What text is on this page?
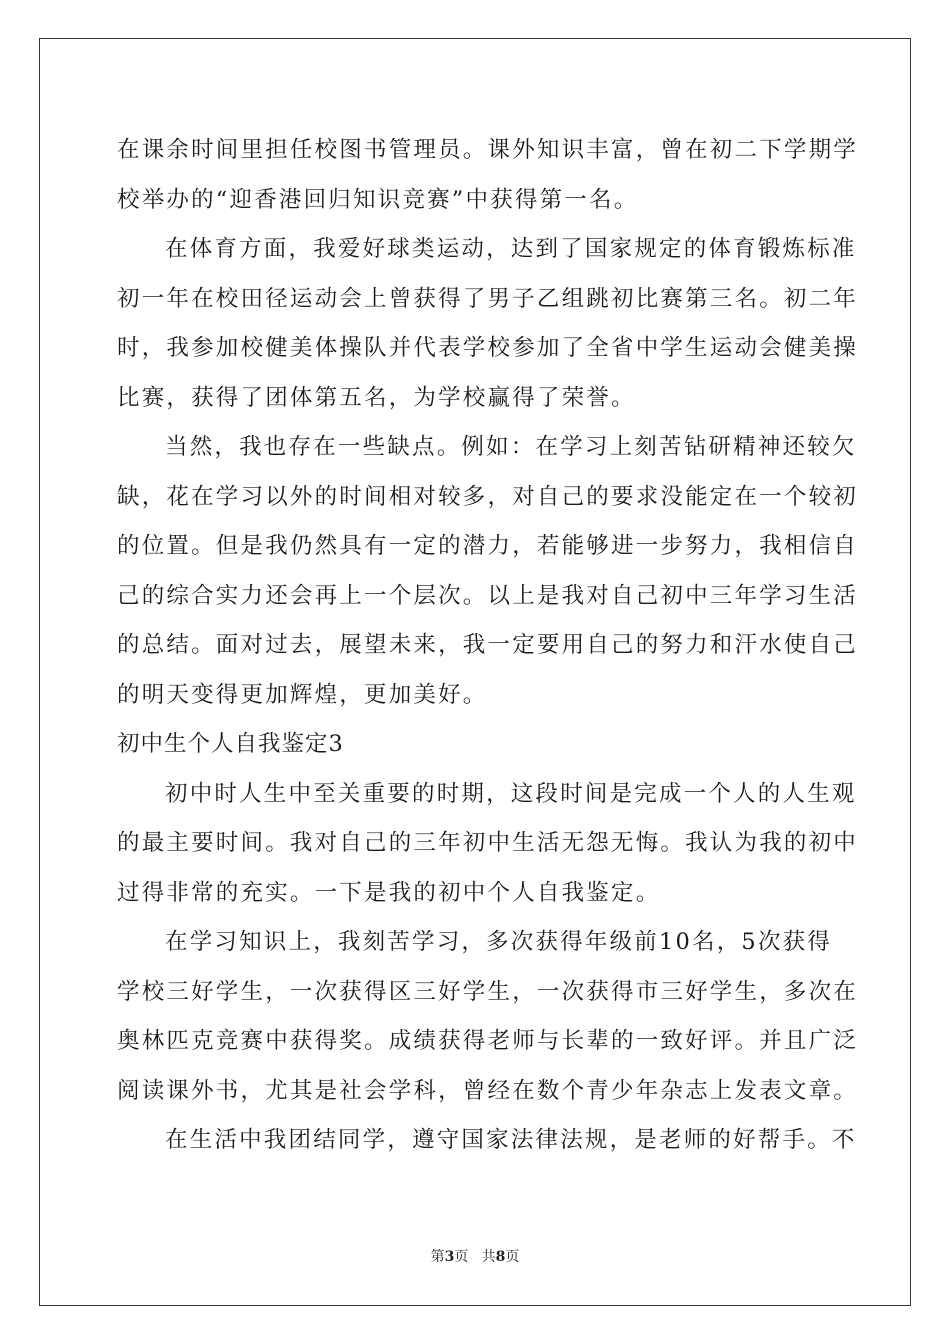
在课余时间里担任校图书管理员。课外知识丰富，曾在初二下学期学
校举办的“迎香港回归知识竞赛”中获得第一名。
在体育方面，我爱好球类运动，达到了国家规定的体育锻炼标准
初一年在校田径运动会上曾获得了男子乙组跳初比赛第三名。初二年
时，我参加校健美体操队并代表学校参加了全省中学生运动会健美操
比赛，获得了团体第五名，为学校赢得了荣誉。
当然，我也存在一些缺点。例如：在学习上刻苦钻研精神还较欠
缺，花在学习以外的时间相对较多，对自己的要求没能定在一个较初
的位置。但是我仍然具有一定的潜力，若能够进一步努力，我相信自
己的综合实力还会再上一个层次。以上是我对自己初中三年学习生活
的总结。面对过去，展望未来，我一定要用自己的努力和汗水使自己
的明天变得更加辉煌，更加美好。
初中生个人自我鉴定3
初中时人生中至关重要的时期，这段时间是完成一个人的人生观
的最主要时间。我对自己的三年初中生活无怨无悔。我认为我的初中
过得非常的充实。一下是我的初中个人自我鉴定。
在学习知识上，我刻苦学习，多次获得年级前10名，5次获得
学校三好学生，一次获得区三好学生，一次获得市三好学生，多次在
奥林匹克竞赛中获得奖。成绩获得老师与长辈的一致好评。并且广泛
阅读课外书，尤其是社会学科，曾经在数个青少年杂志上发表文章。
在生活中我团结同学，遵守国家法律法规，是老师的好帮手。不
第3页 共8页
